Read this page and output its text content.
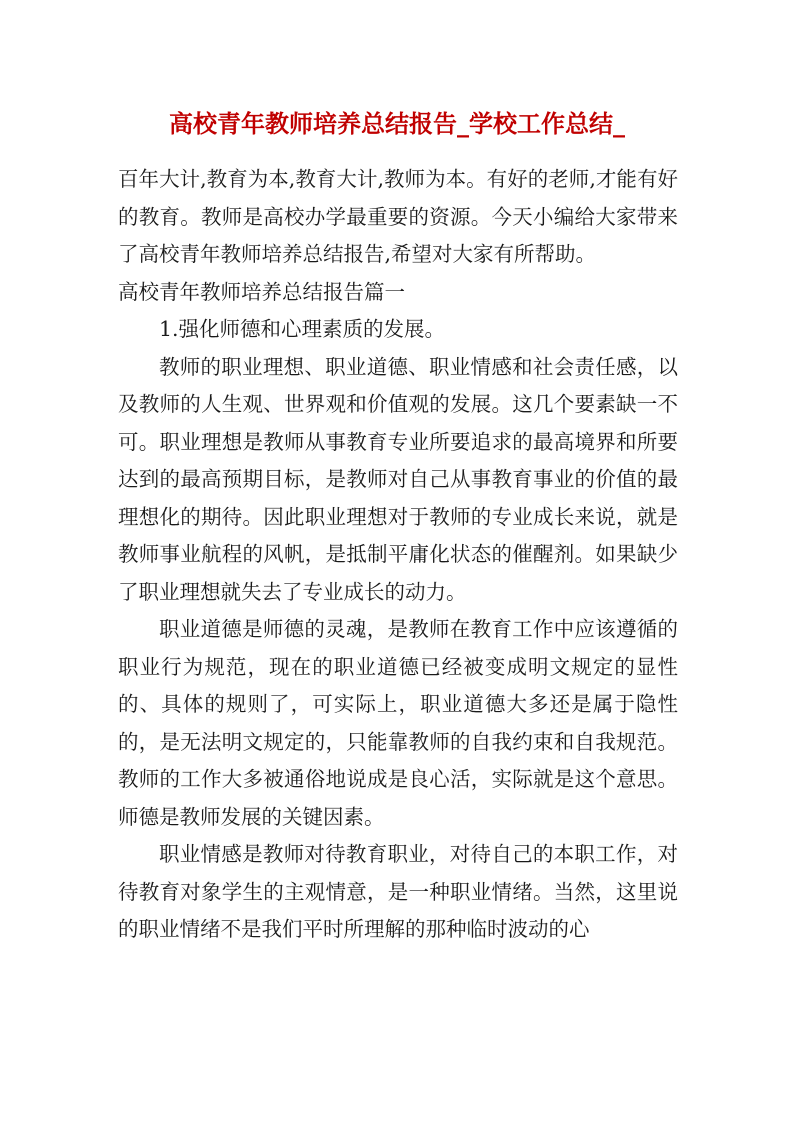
高校青年教师培养总结报告_学校工作总结_

百年大计,教育为本,教育大计,教师为本。有好的老师,才能有好的教育。教师是高校办学最重要的资源。今天小编给大家带来了高校青年教师培养总结报告,希望对大家有所帮助。

高校青年教师培养总结报告篇一

1.强化师德和心理素质的发展。

教师的职业理想、职业道德、职业情感和社会责任感，以及教师的人生观、世界观和价值观的发展。这几个要素缺一不可。职业理想是教师从事教育专业所要追求的最高境界和所要达到的最高预期目标，是教师对自己从事教育事业的价值的最理想化的期待。因此职业理想对于教师的专业成长来说，就是教师事业航程的风帆，是抵制平庸化状态的催醒剂。如果缺少了职业理想就失去了专业成长的动力。

职业道德是师德的灵魂，是教师在教育工作中应该遵循的职业行为规范，现在的职业道德已经被变成明文规定的显性的、具体的规则了，可实际上，职业道德大多还是属于隐性的，是无法明文规定的，只能靠教师的自我约束和自我规范。教师的工作大多被通俗地说成是良心活，实际就是这个意思。师德是教师发展的关键因素。

职业情感是教师对待教育职业，对待自己的本职工作，对待教育对象学生的主观情意，是一种职业情绪。当然，这里说的职业情绪不是我们平时所理解的那种临时波动的心
